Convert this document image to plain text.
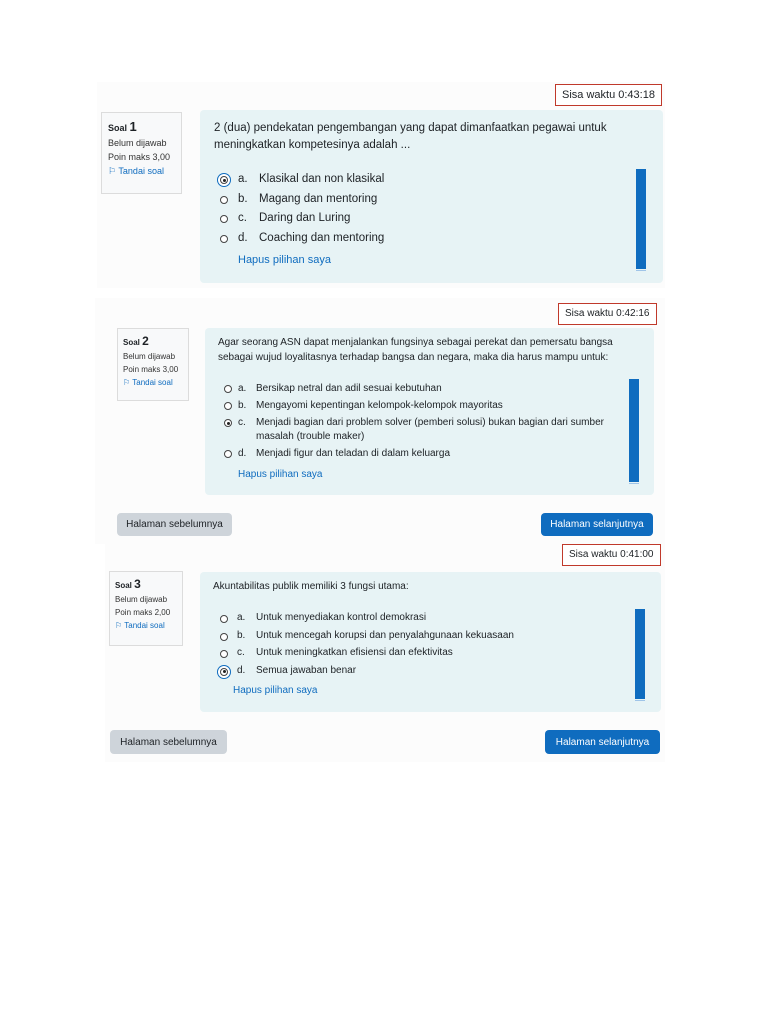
Sisa waktu 0:43:18
Soal 1
Belum dijawab
Poin maks 3,00
⚐ Tandai soal
2 (dua) pendekatan pengembangan yang dapat dimanfaatkan pegawai untuk meningkatkan kompetesinya adalah ...
a. Klasikal dan non klasikal
b. Magang dan mentoring
c.	Daring dan Luring
d. Coaching dan mentoring
Hapus pilihan saya
Sisa waktu 0:42:16
Soal 2
Belum dijawab
Poin maks 3,00
⚐ Tandai soal
Agar seorang ASN dapat menjalankan fungsinya sebagai perekat dan pemersatu bangsa sebagai wujud loyalitasnya terhadap bangsa dan negara, maka dia harus mampu untuk:
a. Bersikap netral dan adil sesuai kebutuhan
b. Mengayomi kepentingan kelompok-kelompok mayoritas
c.	Menjadi bagian dari problem solver (pemberi solusi) bukan bagian dari sumber masalah (trouble maker)
d. Menjadi figur dan teladan di dalam keluarga
Hapus pilihan saya
Halaman sebelumnya	Halaman selanjutnya
Sisa waktu 0:41:00
Soal 3
Belum dijawab
Poin maks 2,00
⚐ Tandai soal
Akuntabilitas publik memiliki 3 fungsi utama:
a.	Untuk menyediakan kontrol demokrasi
b.	Untuk mencegah korupsi dan penyalahgunaan kekuasaan
c.	Untuk meningkatkan efisiensi dan efektivitas
d.	Semua jawaban benar
Hapus pilihan saya
Halaman sebelumnya	Halaman selanjutnya
